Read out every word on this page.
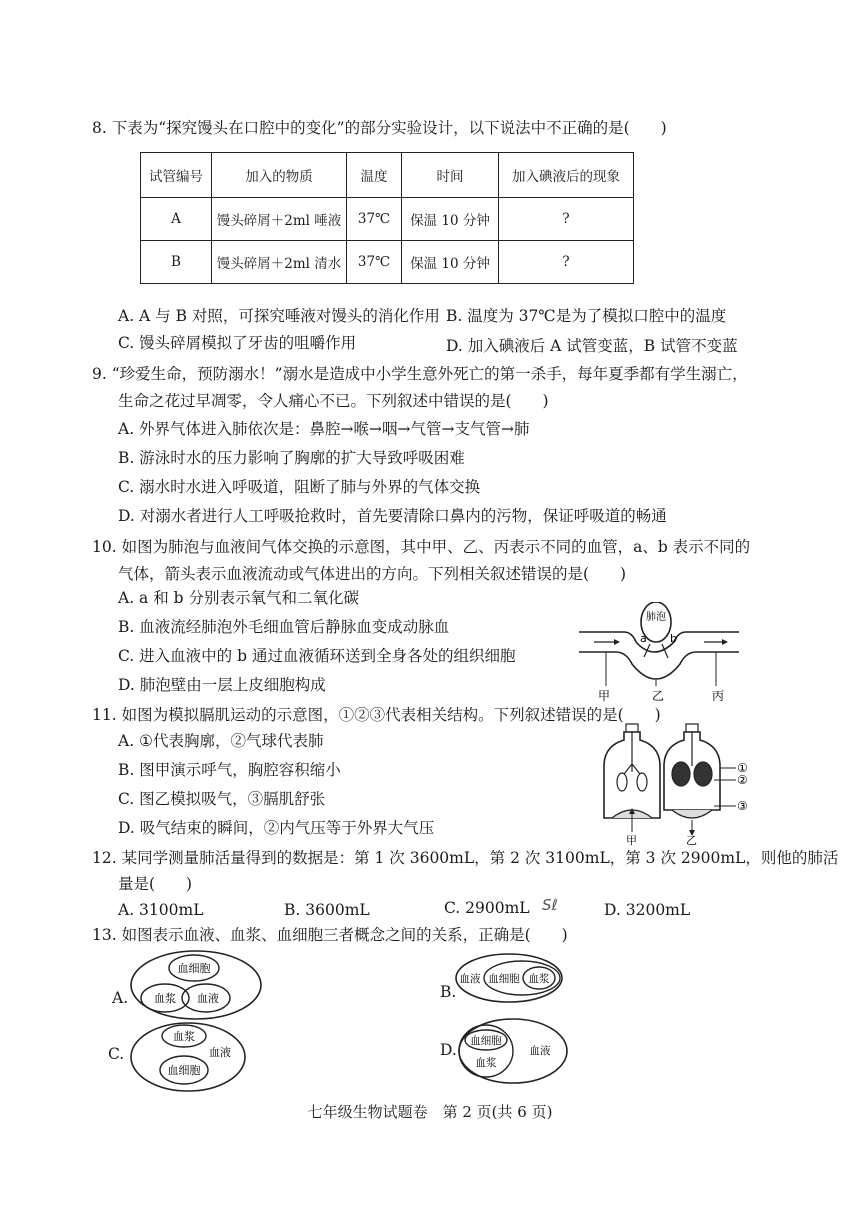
8. 下表为“探究馒头在口腔中的变化”的部分实验设计，以下说法中不正确的是(　　)
试管编号	加入的物质	温度	时间	加入碘液后的现象
A	馒头碎屑＋2ml 唾液	37℃	保温 10 分钟	?
B	馒头碎屑＋2ml 清水	37℃	保温 10 分钟	?
A. A 与 B 对照，可探究唾液对馒头的消化作用 B. 温度为 37℃是为了模拟口腔中的温度
C. 馒头碎屑模拟了牙齿的咀嚼作用	D. 加入碘液后 A 试管变蓝，B 试管不变蓝
9. “珍爱生命，预防溺水！”溺水是造成中小学生意外死亡的第一杀手，每年夏季都有学生溺亡，
生命之花过早凋零，令人痛心不已。下列叙述中错误的是(　　)
A. 外界气体进入肺依次是：鼻腔→喉→咽→气管→支气管→肺
B. 游泳时水的压力影响了胸廓的扩大导致呼吸困难
C. 溺水时水进入呼吸道，阻断了肺与外界的气体交换
D. 对溺水者进行人工呼吸抢救时，首先要清除口鼻内的污物，保证呼吸道的畅通
10. 如图为肺泡与血液间气体交换的示意图，其中甲、乙、丙表示不同的血管，a、b 表示不同的
气体，箭头表示血液流动或气体进出的方向。下列相关叙述错误的是(　　)
A. a 和 b 分别表示氧气和二氧化碳
B. 血液流经肺泡外毛细血管后静脉血变成动脉血
C. 进入血液中的 b 通过血液循环送到全身各处的组织细胞
D. 肺泡壁由一层上皮细胞构成
肺泡
a b
甲	乙	丙
11. 如图为模拟膈肌运动的示意图，①②③代表相关结构。下列叙述错误的是(　　)
A. ①代表胸廓，②气球代表肺
B. 图甲演示呼气，胸腔容积缩小
C. 图乙模拟吸气，③膈肌舒张
D. 吸气结束的瞬间，②内气压等于外界大气压
甲	乙
①
②
③
12. 某同学测量肺活量得到的数据是：第 1 次 3600mL，第 2 次 3100mL，第 3 次 2900mL，则他的肺活
量是(　　)
A. 3100mL	B. 3600mL	C. 2900mL Sℓ	D. 3200mL
13. 如图表示血液、血浆、血细胞三者概念之间的关系，正确是(　　)
A.
血细胞
血浆 血液	B.
血液 血细胞 血浆
C.
血浆
血液
血细胞
D. 血细胞
血浆
血液
七年级生物试题卷　第 2 页(共 6 页)
